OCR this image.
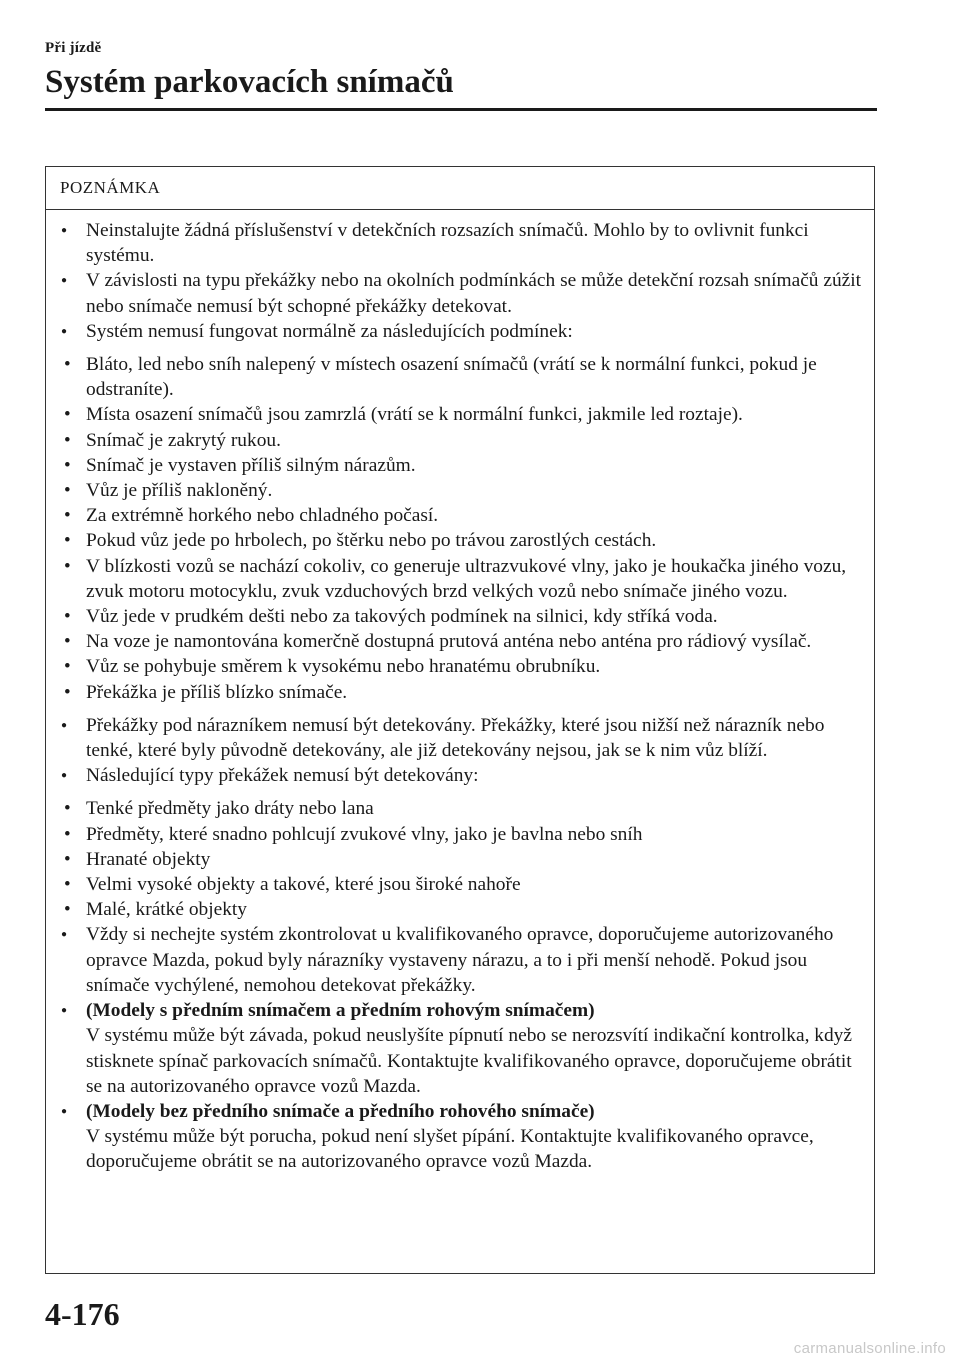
Při jízdě
Systém parkovacích snímačů
POZNÁMKA
● Neinstalujte žádná příslušenství v detekčních rozsazích snímačů. Mohlo by to ovlivnit funkci systému.
● V závislosti na typu překážky nebo na okolních podmínkách se může detekční rozsah snímačů zúžit nebo snímače nemusí být schopné překážky detekovat.
● Systém nemusí fungovat normálně za následujících podmínek:
• Bláto, led nebo sníh nalepený v místech osazení snímačů (vrátí se k normální funkci, pokud je odstraníte).
• Místa osazení snímačů jsou zamrzlá (vrátí se k normální funkci, jakmile led roztaje).
• Snímač je zakrytý rukou.
• Snímač je vystaven příliš silným nárazům.
• Vůz je příliš nakloněný.
• Za extrémně horkého nebo chladného počasí.
• Pokud vůz jede po hrbolech, po štěrku nebo po trávou zarostlých cestách.
• V blízkosti vozů se nachází cokoliv, co generuje ultrazvukové vlny, jako je houkačka jiného vozu, zvuk motoru motocyklu, zvuk vzduchových brzd velkých vozů nebo snímače jiného vozu.
• Vůz jede v prudkém dešti nebo za takových podmínek na silnici, kdy stříká voda.
• Na voze je namontována komerčně dostupná prutová anténa nebo anténa pro rádiový vysílač.
• Vůz se pohybuje směrem k vysokému nebo hranatému obrubníku.
• Překážka je příliš blízko snímače.
● Překážky pod nárazníkem nemusí být detekovány. Překážky, které jsou nižší než nárazník nebo tenké, které byly původně detekovány, ale již detekovány nejsou, jak se k nim vůz blíží.
● Následující typy překážek nemusí být detekovány:
• Tenké předměty jako dráty nebo lana
• Předměty, které snadno pohlcují zvukové vlny, jako je bavlna nebo sníh
• Hranaté objekty
• Velmi vysoké objekty a takové, které jsou široké nahoře
• Malé, krátké objekty
● Vždy si nechejte systém zkontrolovat u kvalifikovaného opravce, doporučujeme autorizovaného opravce Mazda, pokud byly nárazníky vystaveny nárazu, a to i při menší nehodě. Pokud jsou snímače vychýlené, nemohou detekovat překážky.
● (Modely s předním snímačem a předním rohovým snímačem)
V systému může být závada, pokud neuslyšíte pípnutí nebo se nerozsvítí indikační kontrolka, když stisknete spínač parkovacích snímačů. Kontaktujte kvalifikovaného opravce, doporučujeme obrátit se na autorizovaného opravce vozů Mazda.
● (Modely bez předního snímače a předního rohového snímače)
V systému může být porucha, pokud není slyšet pípání. Kontaktujte kvalifikovaného opravce, doporučujeme obrátit se na autorizovaného opravce vozů Mazda.
4-176
carmanualsonline.info
